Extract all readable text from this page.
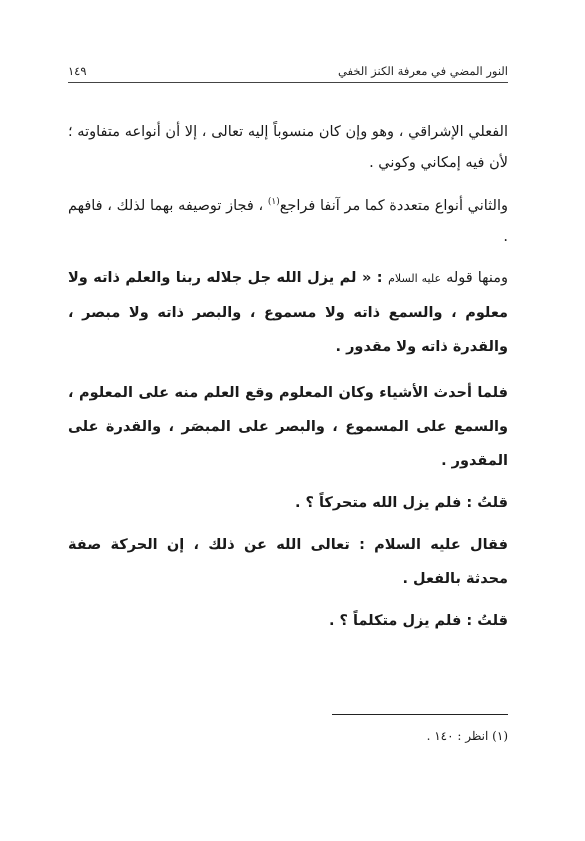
النور المضي في معرفة الكنز الخفي
١٤٩

الفعلي الإشراقي ، وهو وإن كان منسوباً إليه تعالى ، إلا أن أنواعه متفاوته ؛ لأن فيه إمكاني وكوني .

والثاني أنواع متعددة كما مر آنفا فراجع$^{(١)}$ ، فجاز توصيفه بهما لذلك ، فافهم .

ومنها قوله عليه السلام : « لم يزل الله جل جلاله ربنا والعلم ذاته ولا معلوم ، والسمع ذاته ولا مسموع ، والبصر ذاته ولا مبصر ، والقدرة ذاته ولا مقدور .

فلما أحدث الأشياء وكان المعلوم وقع العلم منه على المعلوم ، والسمع على المسموع ، والبصر على المبصَر ، والقدرة على المقدور .

قلتُ : فلم يزل الله متحركاً ؟ .

فقال عليه السلام : تعالى الله عن ذلك ، إن الحركة صفة محدثة بالفعل .

قلتُ : فلم يزل متكلماً ؟ .

(١) انظر : ١٤٠ .
